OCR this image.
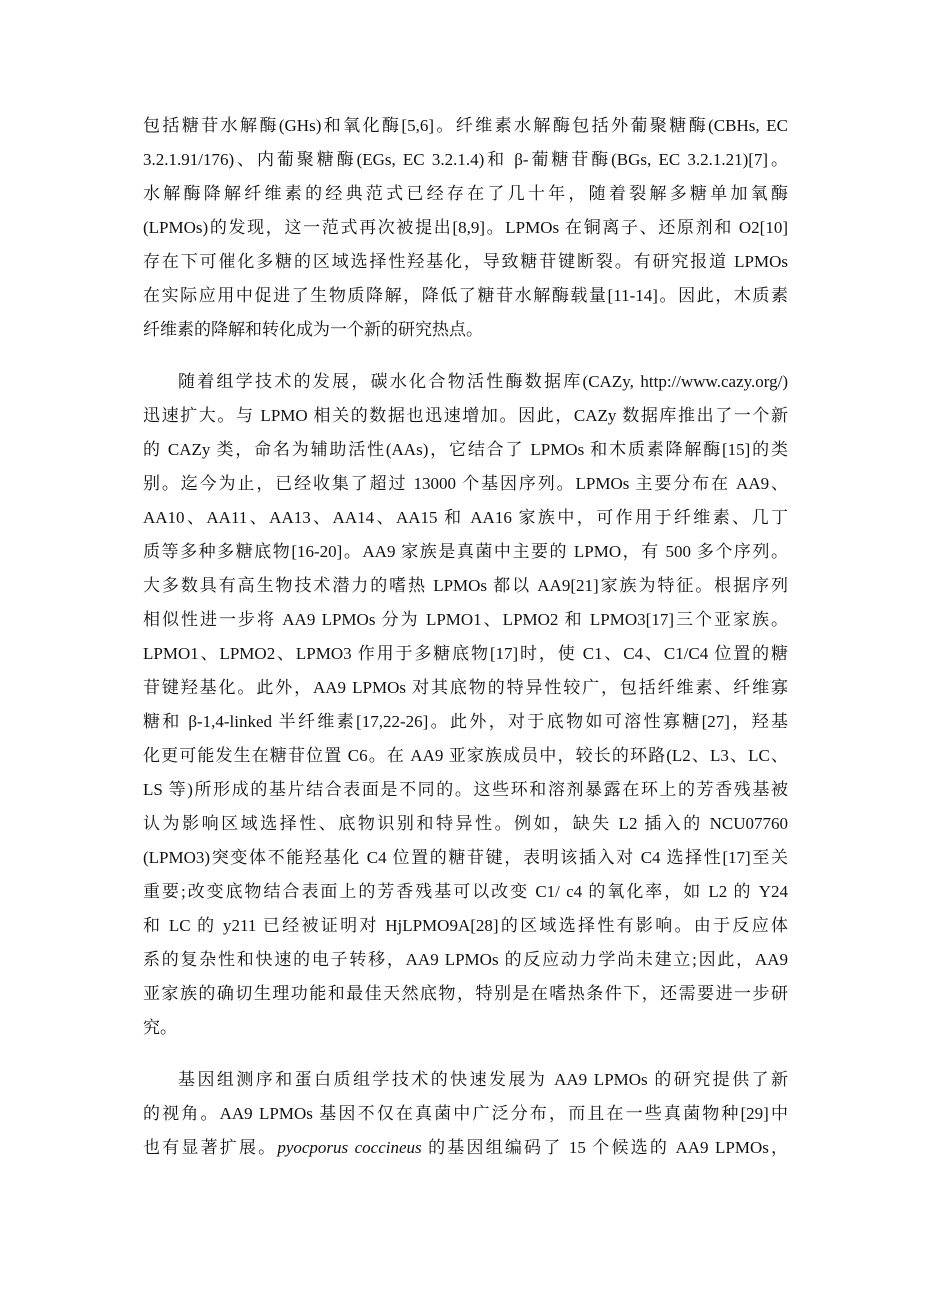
包括糖苷水解酶(GHs)和氧化酶[5,6]。纤维素水解酶包括外葡聚糖酶(CBHs, EC
3.2.1.91/176)、内葡聚糖酶(EGs, EC 3.2.1.4)和 β-葡糖苷酶(BGs, EC 3.2.1.21)[7]。
水解酶降解纤维素的经典范式已经存在了几十年，随着裂解多糖单加氧酶
(LPMOs)的发现，这一范式再次被提出[8,9]。LPMOs 在铜离子、还原剂和 O2[10]
存在下可催化多糖的区域选择性羟基化，导致糖苷键断裂。有研究报道 LPMOs
在实际应用中促进了生物质降解，降低了糖苷水解酶载量[11-14]。因此，木质素
纤维素的降解和转化成为一个新的研究热点。
随着组学技术的发展，碳水化合物活性酶数据库(CAZy, http://www.cazy.org/)
迅速扩大。与 LPMO 相关的数据也迅速增加。因此，CAZy 数据库推出了一个新
的 CAZy 类，命名为辅助活性(AAs)，它结合了 LPMOs 和木质素降解酶[15]的类
别。迄今为止，已经收集了超过 13000 个基因序列。LPMOs 主要分布在 AA9、
AA10、AA11、AA13、AA14、AA15 和 AA16 家族中，可作用于纤维素、几丁
质等多种多糖底物[16-20]。AA9 家族是真菌中主要的 LPMO，有 500 多个序列。
大多数具有高生物技术潜力的嗜热 LPMOs 都以 AA9[21]家族为特征。根据序列
相似性进一步将 AA9 LPMOs 分为 LPMO1、LPMO2 和 LPMO3[17]三个亚家族。
LPMO1、LPMO2、LPMO3 作用于多糖底物[17]时，使 C1、C4、C1/C4 位置的糖
苷键羟基化。此外，AA9 LPMOs 对其底物的特异性较广，包括纤维素、纤维寡
糖和 β-1,4-linked 半纤维素[17,22-26]。此外，对于底物如可溶性寡糖[27]，羟基
化更可能发生在糖苷位置 C6。在 AA9 亚家族成员中，较长的环路(L2、L3、LC、
LS 等)所形成的基片结合表面是不同的。这些环和溶剂暴露在环上的芳香残基被
认为影响区域选择性、底物识别和特异性。例如，缺失 L2 插入的 NCU07760
(LPMO3)突变体不能羟基化 C4 位置的糖苷键，表明该插入对 C4 选择性[17]至关
重要;改变底物结合表面上的芳香残基可以改变 C1/ c4 的氧化率，如 L2 的 Y24
和 LC 的 y211 已经被证明对 HjLPMO9A[28]的区域选择性有影响。由于反应体
系的复杂性和快速的电子转移，AA9 LPMOs 的反应动力学尚未建立;因此，AA9
亚家族的确切生理功能和最佳天然底物，特别是在嗜热条件下，还需要进一步研
究。
基因组测序和蛋白质组学技术的快速发展为 AA9 LPMOs 的研究提供了新
的视角。AA9 LPMOs 基因不仅在真菌中广泛分布，而且在一些真菌物种[29]中
也有显著扩展。pyocporus coccineus 的基因组编码了 15 个候选的 AA9 LPMOs，
